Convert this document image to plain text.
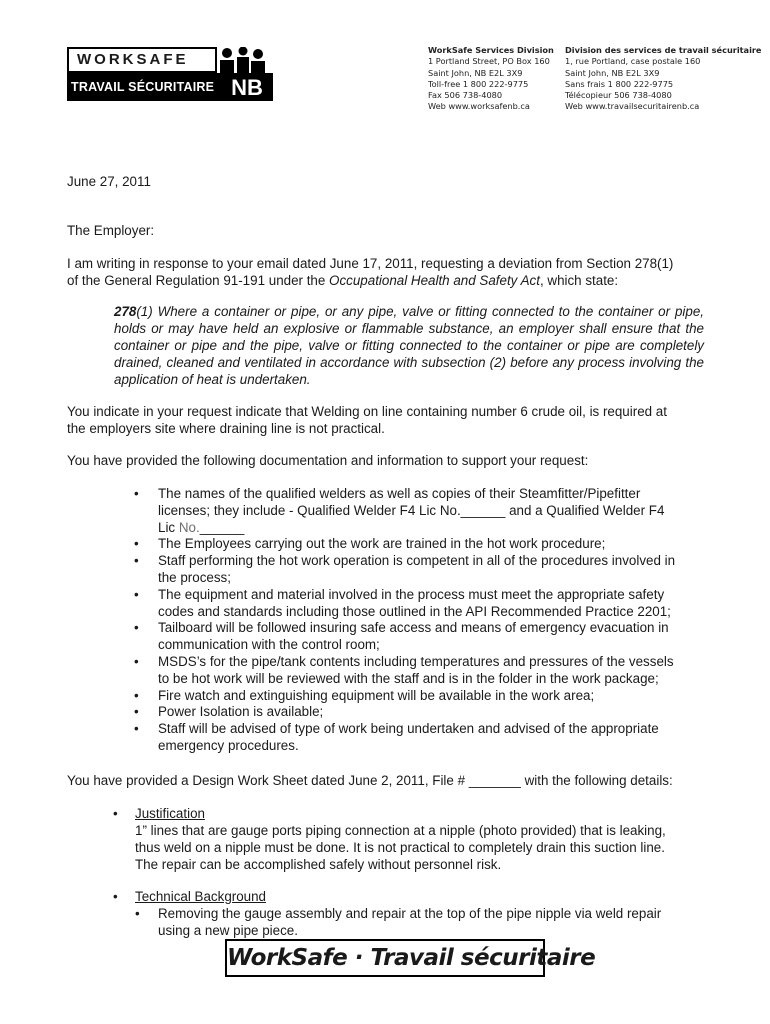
WORKSAFE
TRAVAIL SÉCURITAIRE NB
WorkSafe Services Division
1 Portland Street, PO Box 160
Saint John, NB E2L 3X9
Toll-free 1 800 222-9775
Fax 506 738-4080
Web www.worksafenb.ca
Division des services de travail sécuritaire
1, rue Portland, case postale 160
Saint John, NB E2L 3X9
Sans frais 1 800 222-9775
Télécopieur 506 738-4080
Web www.travailsecuritairenb.ca
June 27, 2011
The Employer:
I am writing in response to your email dated June 17, 2011, requesting a deviation from Section 278(1)
of the General Regulation 91-191 under the Occupational Health and Safety Act, which state:
278(1) Where a container or pipe, or any pipe, valve or fitting connected to the container or pipe, holds or may have held an explosive or flammable substance, an employer shall ensure that the container or pipe and the pipe, valve or fitting connected to the container or pipe are completely drained, cleaned and ventilated in accordance with subsection (2) before any process involving the application of heat is undertaken.
You indicate in your request indicate that Welding on line containing number 6 crude oil, is required at
the employers site where draining line is not practical.
You have provided the following documentation and information to support your request:
• The names of the qualified welders as well as copies of their Steamfitter/Pipefitter
licenses; they include - Qualified Welder F4 Lic No.______ and a Qualified Welder F4
Lic No.______
• The Employees carrying out the work are trained in the hot work procedure;
• Staff performing the hot work operation is competent in all of the procedures involved in
the process;
• The equipment and material involved in the process must meet the appropriate safety
codes and standards including those outlined in the API Recommended Practice 2201;
• Tailboard will be followed insuring safe access and means of emergency evacuation in
communication with the control room;
• MSDS’s for the pipe/tank contents including temperatures and pressures of the vessels
to be hot work will be reviewed with the staff and is in the folder in the work package;
• Fire watch and extinguishing equipment will be available in the work area;
• Power Isolation is available;
• Staff will be advised of type of work being undertaken and advised of the appropriate
emergency procedures.
You have provided a Design Work Sheet dated June 2, 2011, File # _______ with the following details:
• Justification
1” lines that are gauge ports piping connection at a nipple (photo provided) that is leaking,
thus weld on a nipple must be done. It is not practical to completely drain this suction line.
The repair can be accomplished safely without personnel risk.
• Technical Background
• Removing the gauge assembly and repair at the top of the pipe nipple via weld repair
using a new pipe piece.
WorkSafe · Travail sécuritaire
